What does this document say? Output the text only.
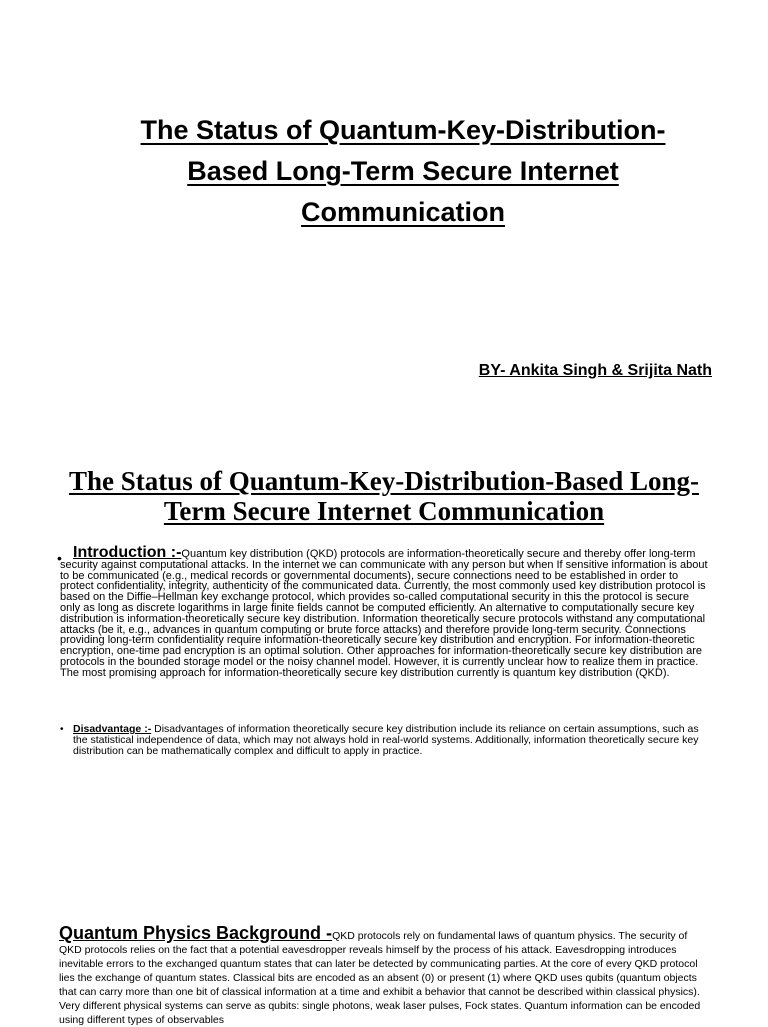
The Status of Quantum-Key-Distribution-Based Long-Term Secure Internet Communication
BY- Ankita Singh & Srijita Nath
The Status of Quantum-Key-Distribution-Based Long-Term Secure Internet Communication
• Introduction :-Quantum key distribution (QKD) protocols are information-theoretically secure and thereby offer long-term security against computational attacks. In the internet we can communicate with any person but when If sensitive information is about to be communicated (e.g., medical records or governmental documents), secure connections need to be established in order to protect confidentiality, integrity, authenticity of the communicated data. Currently, the most commonly used key distribution protocol is based on the Diffie–Hellman key exchange protocol, which provides so-called computational security in this the protocol is secure only as long as discrete logarithms in large finite fields cannot be computed efficiently. An alternative to computationally secure key distribution is information-theoretically secure key distribution. Information theoretically secure protocols withstand any computational attacks (be it, e.g., advances in quantum computing or brute force attacks) and therefore provide long-term security. Connections providing long-term confidentiality require information-theoretically secure key distribution and encryption. For information-theoretic encryption, one-time pad encryption is an optimal solution. Other approaches for information-theoretically secure key distribution are protocols in the bounded storage model or the noisy channel model. However, it is currently unclear how to realize them in practice. The most promising approach for information-theoretically secure key distribution currently is quantum key distribution (QKD).
• Disadvantage :- Disadvantages of information theoretically secure key distribution include its reliance on certain assumptions, such as the statistical independence of data, which may not always hold in real-world systems. Additionally, information theoretically secure key distribution can be mathematically complex and difficult to apply in practice.
Quantum Physics Background -QKD protocols rely on fundamental laws of quantum physics. The security of QKD protocols relies on the fact that a potential eavesdropper reveals himself by the process of his attack. Eavesdropping introduces inevitable errors to the exchanged quantum states that can later be detected by communicating parties. At the core of every QKD protocol lies the exchange of quantum states. Classical bits are encoded as an absent (0) or present (1) where QKD uses qubits (quantum objects that can carry more than one bit of classical information at a time and exhibit a behavior that cannot be described within classical physics). Very different physical systems can serve as qubits: single photons, weak laser pulses, Fock states. Quantum information can be encoded using different types of observables
